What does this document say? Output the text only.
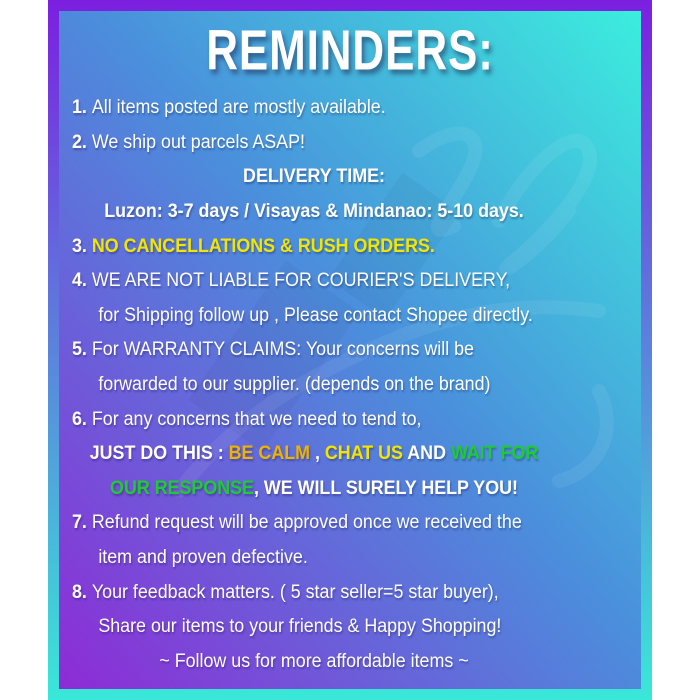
REMINDERS:
1. All items posted are mostly available.
2. We ship out parcels ASAP!
DELIVERY TIME:
Luzon: 3-7 days / Visayas & Mindanao: 5-10 days.
3. NO CANCELLATIONS & RUSH ORDERS.
4. WE ARE NOT LIABLE FOR COURIER'S DELIVERY,
for Shipping follow up , Please contact Shopee directly.
5. For WARRANTY CLAIMS: Your concerns will be
forwarded to our supplier. (depends on the brand)
6. For any concerns that we need to tend to,
JUST DO THIS : BE CALM , CHAT US AND WAIT FOR
OUR RESPONSE , WE WILL SURELY HELP YOU!
7. Refund request will be approved once we received the
item and proven defective.
8. Your feedback matters. ( 5 star seller=5 star buyer),
Share our items to your friends & Happy Shopping!
~ Follow us for more affordable items ~
